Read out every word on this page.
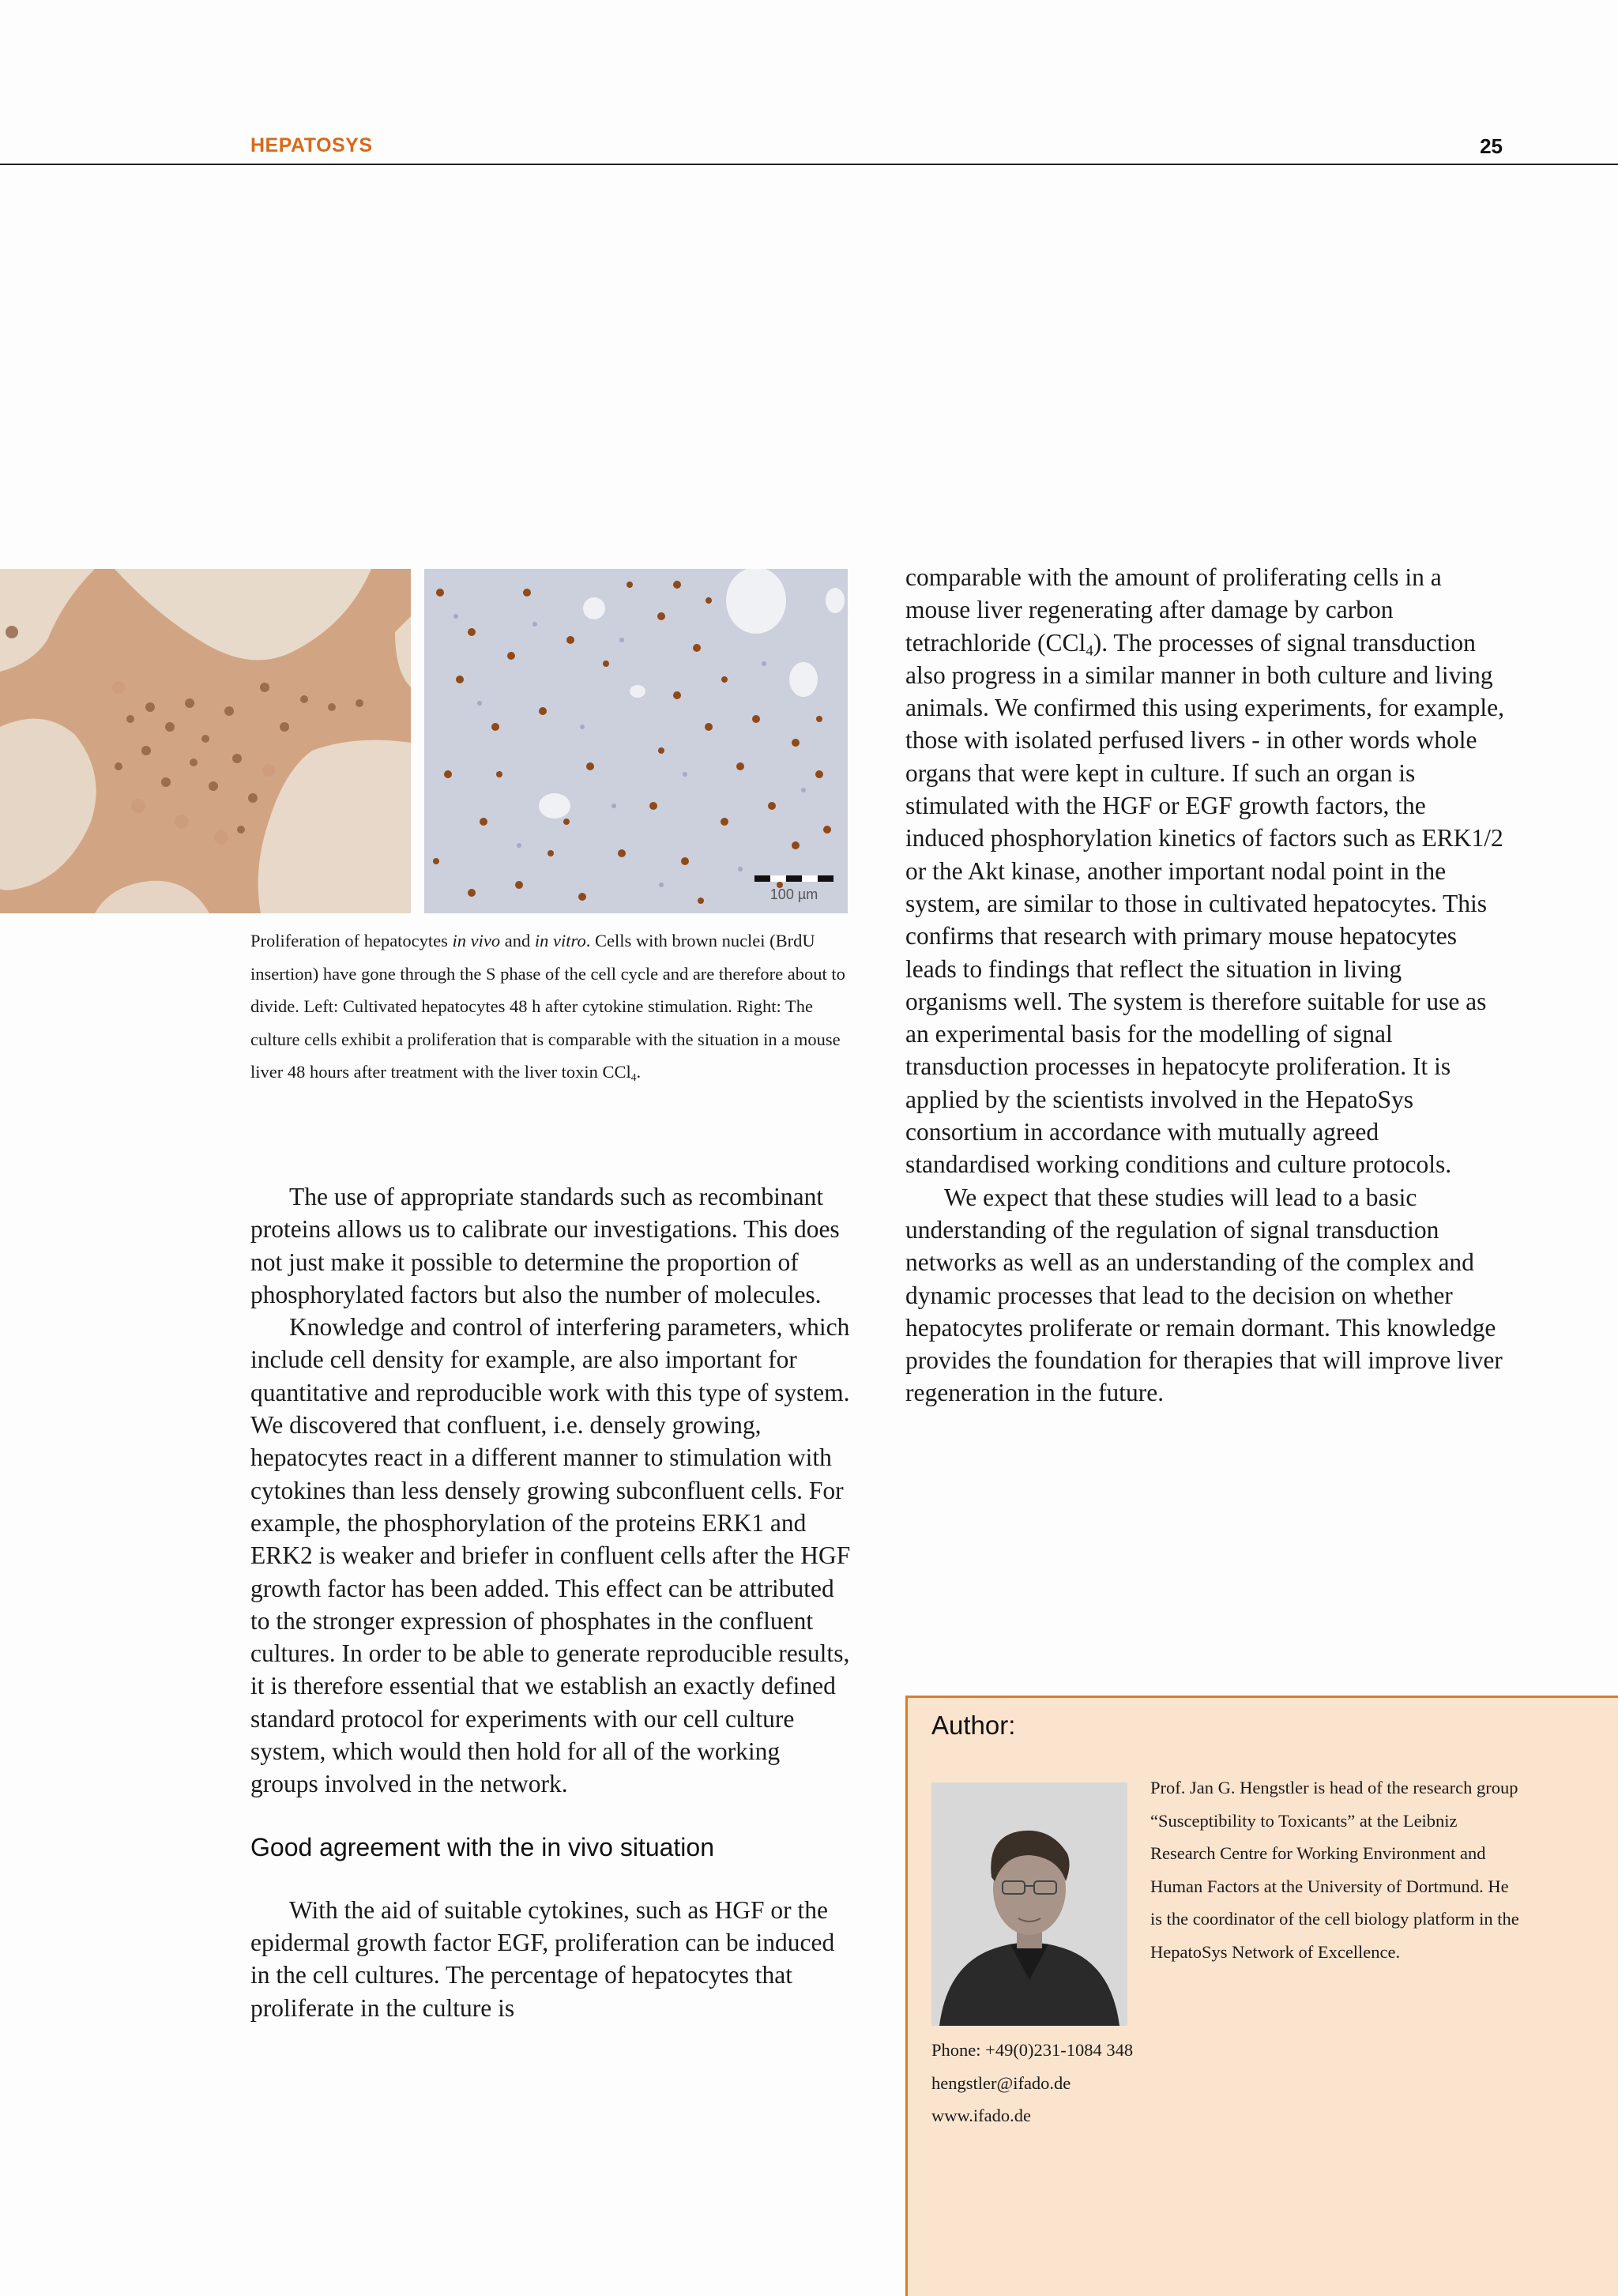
HEPATOSYS	25
100 µm

Proliferation of hepatocytes in vivo and in vitro. Cells with brown nuclei (BrdU insertion) have gone through the S phase of the cell cycle and are therefore about to divide. Left: Cultivated hepatocytes 48 h after cytokine stimulation. Right: The culture cells exhibit a proliferation that is comparable with the situation in a mouse liver 48 hours after treatment with the liver toxin CCl$_4$.

The use of appropriate standards such as recombinant proteins allows us to calibrate our investigations. This does not just make it possible to determine the proportion of phosphorylated factors but also the number of molecules.

Knowledge and control of interfering parameters, which include cell density for example, are also important for quantitative and reproducible work with this type of system. We discovered that confluent, i.e. densely growing, hepatocytes react in a different manner to stimulation with cytokines than less densely growing subconfluent cells. For example, the phosphorylation of the proteins ERK1 and ERK2 is weaker and briefer in confluent cells after the HGF growth factor has been added. This effect can be attributed to the stronger expression of phosphates in the confluent cultures. In order to be able to generate reproducible results, it is therefore essential that we establish an exactly defined standard protocol for experiments with our cell culture system, which would then hold for all of the working groups involved in the network.

Good agreement with the in vivo situation

With the aid of suitable cytokines, such as HGF or the epidermal growth factor EGF, proliferation can be induced in the cell cultures. The percentage of hepatocytes that proliferate in the culture is

comparable with the amount of proliferating cells in a mouse liver regenerating after damage by carbon tetrachloride (CCl$_4$). The processes of signal transduction also progress in a similar manner in both culture and living animals. We confirmed this using experiments, for example, those with isolated perfused livers - in other words whole organs that were kept in culture. If such an organ is stimulated with the HGF or EGF growth factors, the induced phosphorylation kinetics of factors such as ERK1/2 or the Akt kinase, another important nodal point in the system, are similar to those in cultivated hepatocytes. This confirms that research with primary mouse hepatocytes leads to findings that reflect the situation in living organisms well. The system is therefore suitable for use as an experimental basis for the modelling of signal transduction processes in hepatocyte proliferation. It is applied by the scientists involved in the HepatoSys consortium in accordance with mutually agreed standardised working conditions and culture protocols.

We expect that these studies will lead to a basic understanding of the regulation of signal transduction networks as well as an understanding of the complex and dynamic processes that lead to the decision on whether hepatocytes proliferate or remain dormant. This knowledge provides the foundation for therapies that will improve liver regeneration in the future.

Author:
Prof. Jan G. Hengstler is head of the research group “Susceptibility to Toxicants” at the Leibniz Research Centre for Working Environment and Human Factors at the University of Dortmund. He is the coordinator of the cell biology platform in the HepatoSys Network of Excellence.
Phone: +49(0)231-1084 348
hengstler@ifado.de
www.ifado.de
